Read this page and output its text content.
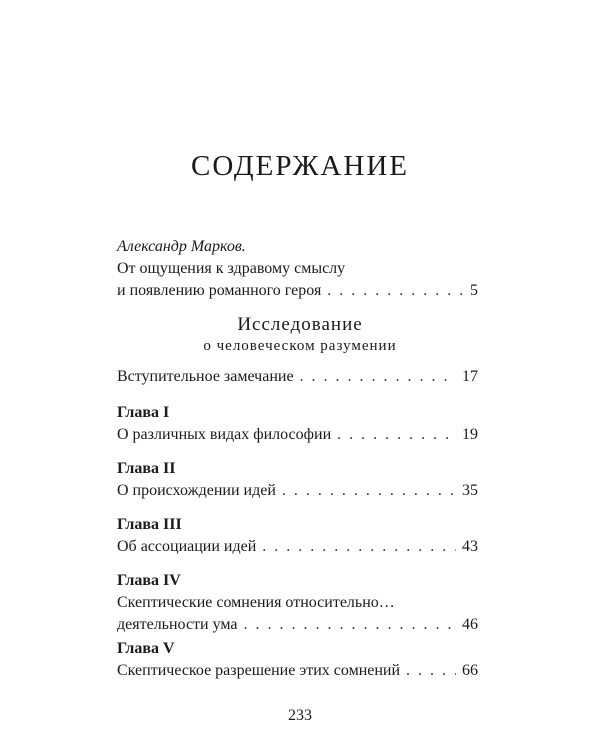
СОДЕРЖАНИЕ
Александр Марков.
От ощущения к здравому смыслу
и появлению романного героя . . .	5
Исследование
о человеческом разумении
Вступительное замечание . . .	17
Глава I
О различных видах философии . . .	19
Глава II
О происхождении идей . . .	35
Глава III
Об ассоциации идей . . .	43
Глава IV
Скептические сомнения относительно…
деятельности ума . . .	46
Глава V
Скептическое разрешение этих сомнений . . .	66
233
